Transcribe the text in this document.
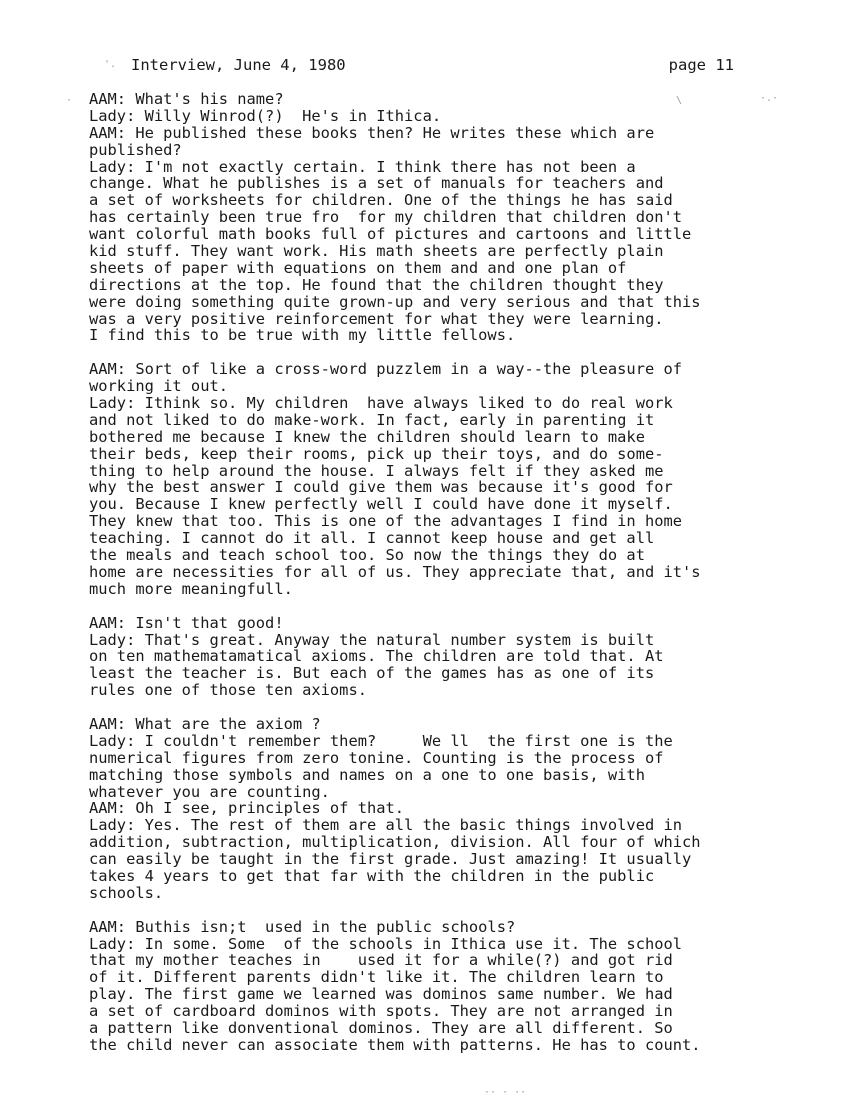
Interview, June 4, 1980	page 11
AAM: What's his name?
Lady: Willy Winrod(?)  He's in Ithica.
AAM: He published these books then? He writes these which are
published?
Lady: I'm not exactly certain. I think there has not been a
change. What he publishes is a set of manuals for teachers and
a set of worksheets for children. One of the things he has said
has certainly been true fro  for my children that children don't
want colorful math books full of pictures and cartoons and little
kid stuff. They want work. His math sheets are perfectly plain
sheets of paper with equations on them and and one plan of
directions at the top. He found that the children thought they
were doing something quite grown-up and very serious and that this
was a very positive reinforcement for what they were learning.
I find this to be true with my little fellows.
AAM: Sort of like a cross-word puzzlem in a way--the pleasure of
working it out.
Lady: Ithink so. My children  have always liked to do real work
and not liked to do make-work. In fact, early in parenting it
bothered me because I knew the children should learn to make
their beds, keep their rooms, pick up their toys, and do some-
thing to help around the house. I always felt if they asked me
why the best answer I could give them was because it's good for
you. Because I knew perfectly well I could have done it myself.
They knew that too. This is one of the advantages I find in home
teaching. I cannot do it all. I cannot keep house and get all
the meals and teach school too. So now the things they do at
home are necessities for all of us. They appreciate that, and it's
much more meaningfull.
AAM: Isn't that good!
Lady: That's great. Anyway the natural number system is built
on ten mathematamatical axioms. The children are told that. At
least the teacher is. But each of the games has as one of its
rules one of those ten axioms.
AAM: What are the axiom ?
Lady: I couldn't remember them?     We ll  the first one is the
numerical figures from zero tonine. Counting is the process of
matching those symbols and names on a one to one basis, with
whatever you are counting.
AAM: Oh I see, principles of that.
Lady: Yes. The rest of them are all the basic things involved in
addition, subtraction, multiplication, division. All four of which
can easily be taught in the first grade. Just amazing! It usually
takes 4 years to get that far with the children in the public
schools.
AAM: Buthis isn;t  used in the public schools?
Lady: In some. Some  of the schools in Ithica use it. The school
that my mother teaches in    used it for a while(?) and got rid
of it. Different parents didn't like it. The children learn to
play. The first game we learned was dominos same number. We had
a set of cardboard dominos with spots. They are not arranged in
a pattern like donventional dominos. They are all different. So
the child never can associate them with patterns. He has to count.
'.
\	·.·
·
·· · ··
